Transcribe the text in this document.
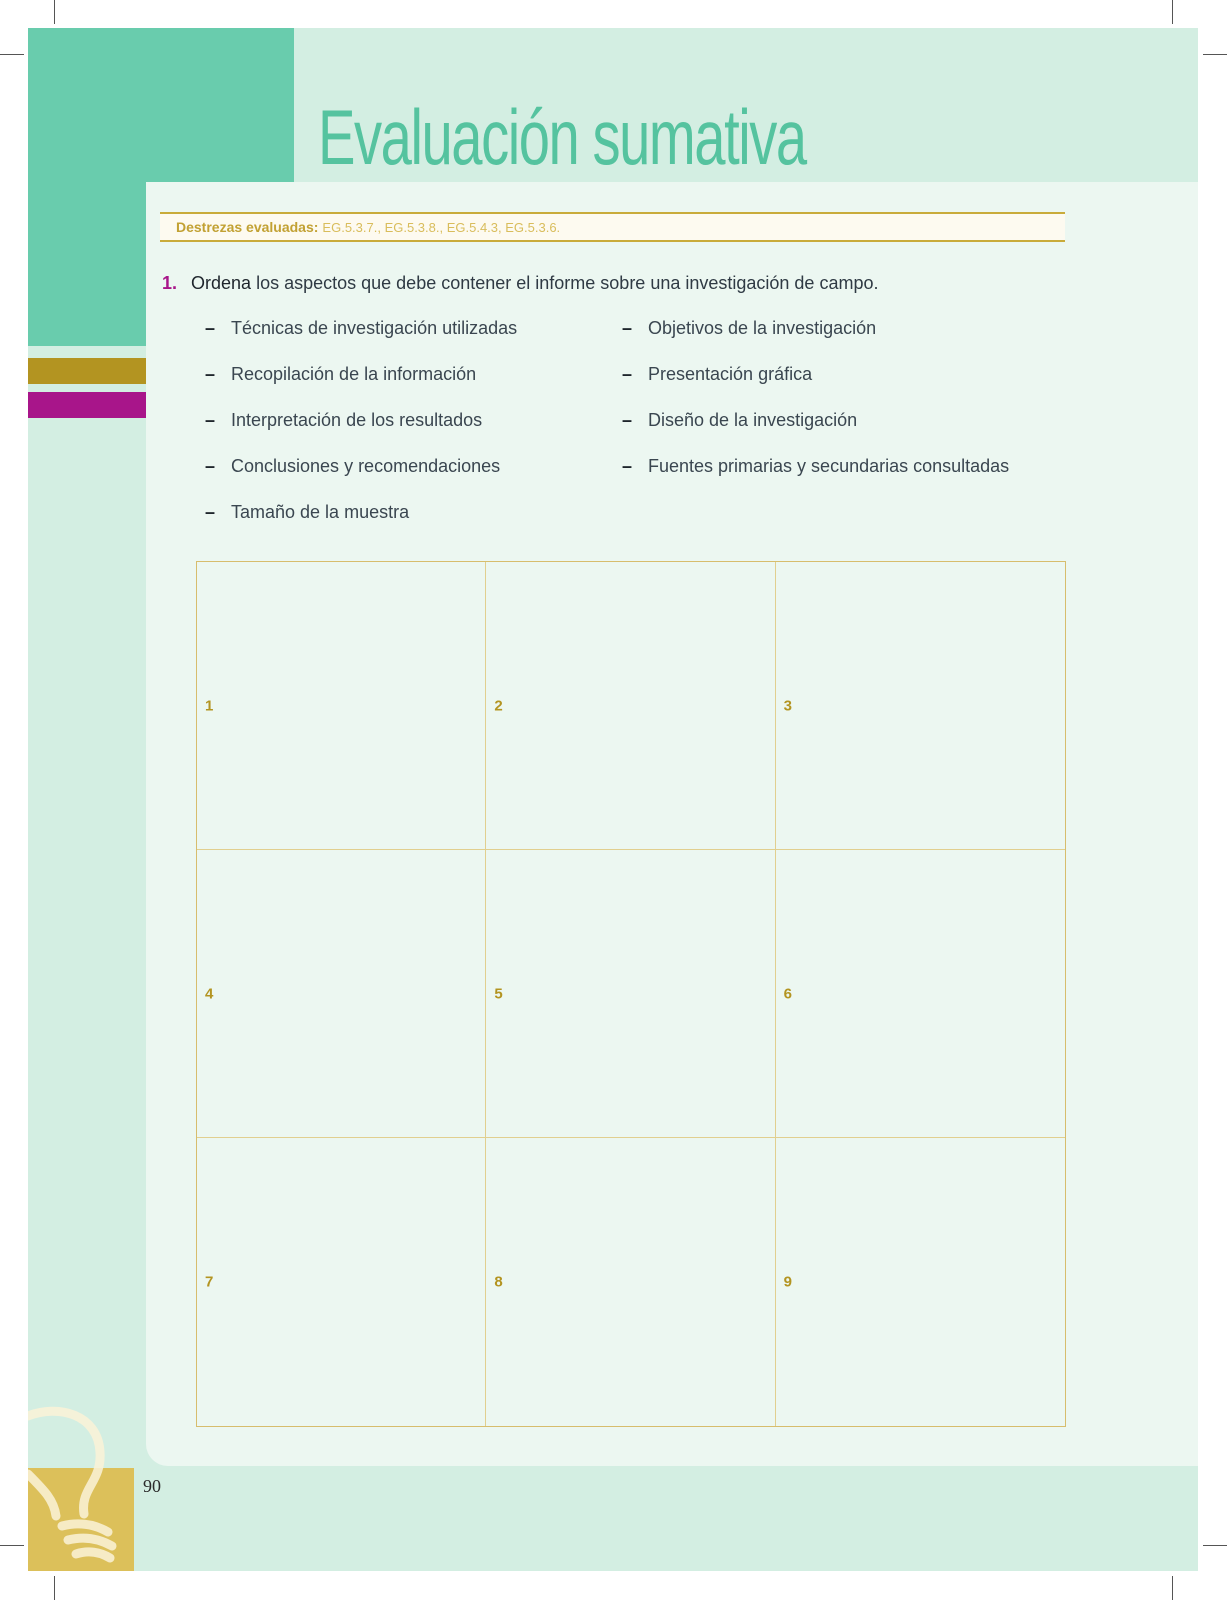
Evaluación sumativa
Destrezas evaluadas: EG.5.3.7., EG.5.3.8., EG.5.4.3, EG.5.3.6.
1. Ordena los aspectos que debe contener el informe sobre una investigación de campo.
– Técnicas de investigación utilizadas
– Recopilación de la información
– Interpretación de los resultados
– Conclusiones y recomendaciones
– Tamaño de la muestra
– Objetivos de la investigación
– Presentación gráfica
– Diseño de la investigación
– Fuentes primarias y secundarias consultadas
1	2	3
4	5	6
7	8	9
90
